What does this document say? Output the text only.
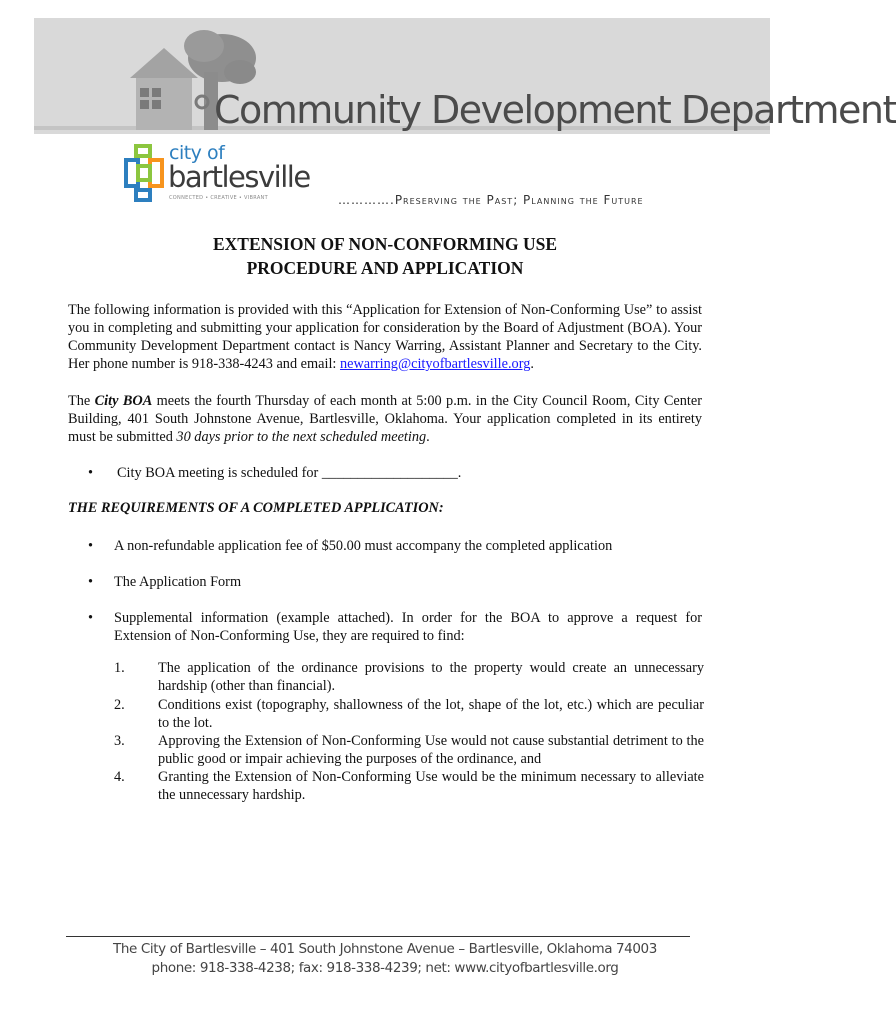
Community Development Department
city of
bartlesville
CONNECTED • CREATIVE • VIBRANT	………….Preserving the Past; Planning the Future
EXTENSION OF NON-CONFORMING USE
PROCEDURE AND APPLICATION

The following information is provided with this “Application for Extension of Non-Conforming Use” to assist you in completing and submitting your application for consideration by the Board of Adjustment (BOA). Your Community Development Department contact is Nancy Warring, Assistant Planner and Secretary to the City. Her phone number is 918-338-4243 and email: newarring@cityofbartlesville.org.

The City BOA meets the fourth Thursday of each month at 5:00 p.m. in the City Council Room, City Center Building, 401 South Johnstone Avenue, Bartlesville, Oklahoma. Your application completed in its entirety must be submitted 30 days prior to the next scheduled meeting.

• City BOA meeting is scheduled for ___________________.
THE REQUIREMENTS OF A COMPLETED APPLICATION:
• A non-refundable application fee of $50.00 must accompany the completed application
• The Application Form
• Supplemental information (example attached). In order for the BOA to approve a request for Extension of Non-Conforming Use, they are required to find:
1. The application of the ordinance provisions to the property would create an unnecessary hardship (other than financial).
2. Conditions exist (topography, shallowness of the lot, shape of the lot, etc.) which are peculiar to the lot.
3. Approving the Extension of Non-Conforming Use would not cause substantial detriment to the public good or impair achieving the purposes of the ordinance, and
4. Granting the Extension of Non-Conforming Use would be the minimum necessary to alleviate the unnecessary hardship.
The City of Bartlesville – 401 South Johnstone Avenue – Bartlesville, Oklahoma 74003
phone: 918-338-4238; fax: 918-338-4239; net: www.cityofbartlesville.org
